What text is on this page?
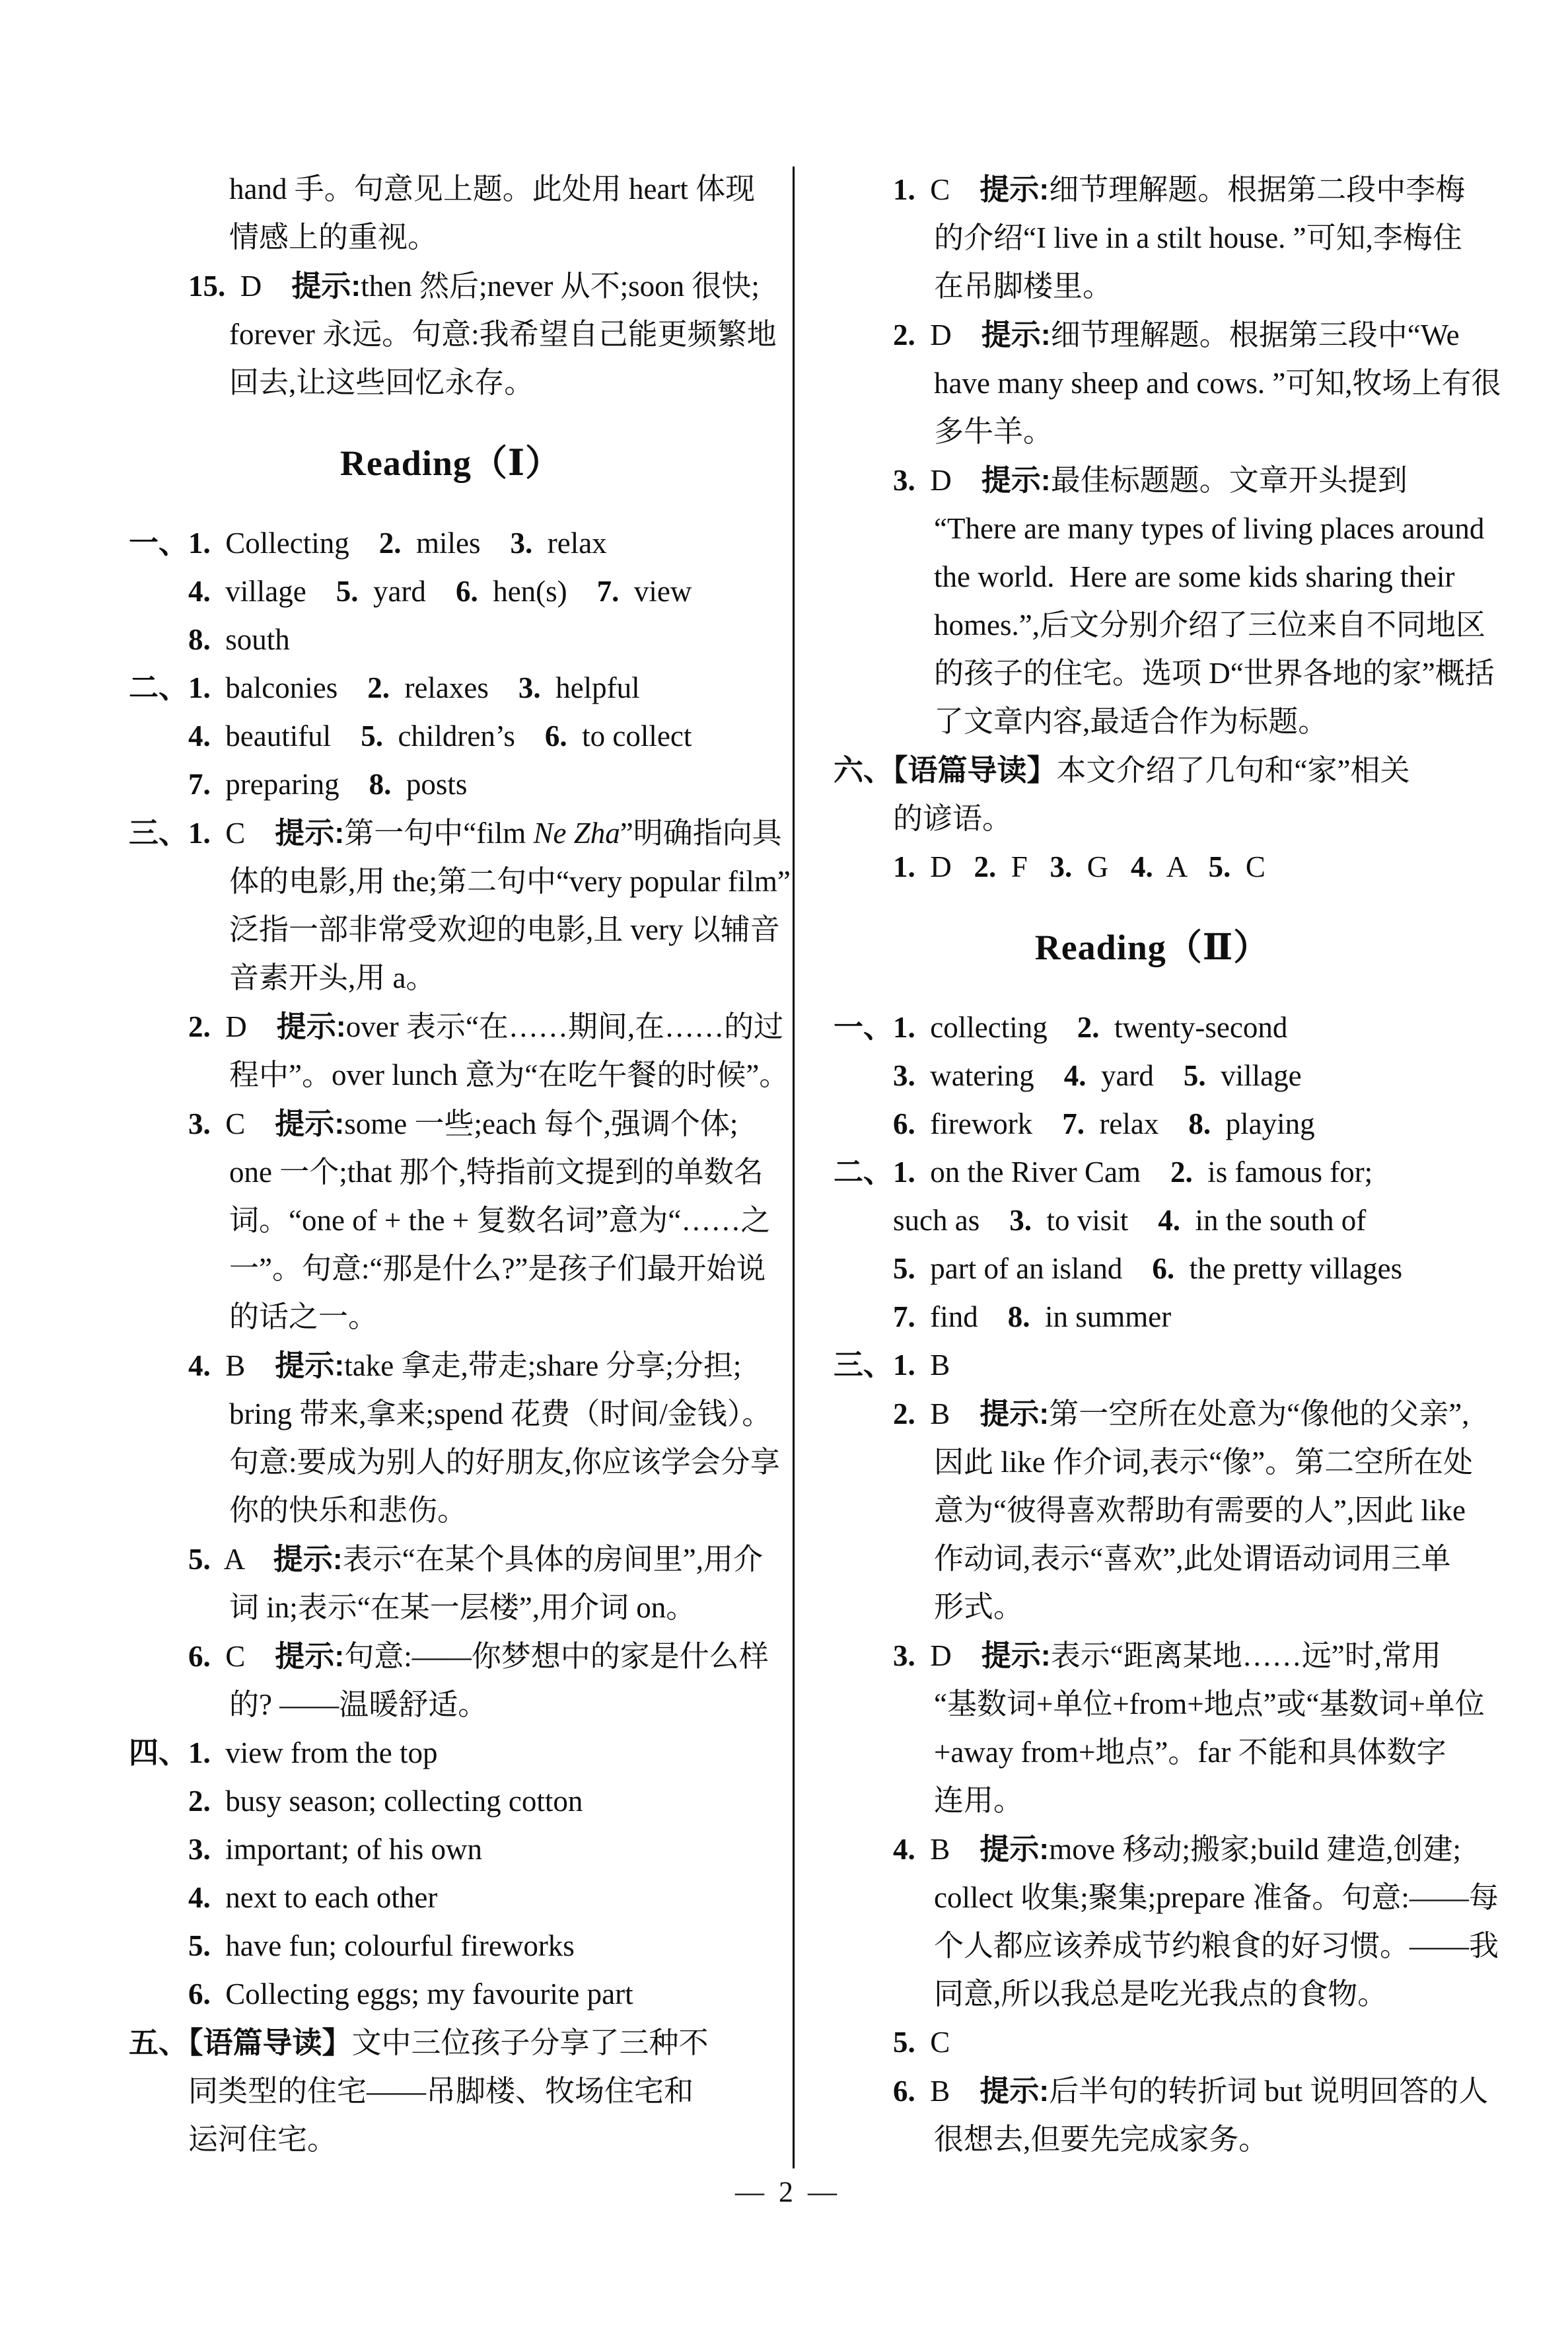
hand 手。句意见上题。此处用 heart 体现
情感上的重视。
15.  D    提示:then 然后;never 从不;soon 很快;
forever 永远。句意:我希望自己能更频繁地
回去,让这些回忆永存。
Reading（Ⅰ）
一、1.  Collecting    2.  miles    3.  relax
4.  village    5.  yard    6.  hen(s)    7.  view
8.  south
二、1.  balconies    2.  relaxes    3.  helpful
4.  beautiful    5.  children’s    6.  to collect
7.  preparing    8.  posts
三、1.  C    提示:第一句中“film Ne Zha”明确指向具
体的电影,用 the;第二句中“very popular film”
泛指一部非常受欢迎的电影,且 very 以辅音
音素开头,用 a。
2.  D    提示:over 表示“在……期间,在……的过
程中”。over lunch 意为“在吃午餐的时候”。
3.  C    提示:some 一些;each 每个,强调个体;
one 一个;that 那个,特指前文提到的单数名
词。“one of + the + 复数名词”意为“……之
一”。句意:“那是什么?”是孩子们最开始说
的话之一。
4.  B    提示:take 拿走,带走;share 分享;分担;
bring 带来,拿来;spend 花费（时间/金钱）。
句意:要成为别人的好朋友,你应该学会分享
你的快乐和悲伤。
5.  A    提示:表示“在某个具体的房间里”,用介
词 in;表示“在某一层楼”,用介词 on。
6.  C    提示:句意:——你梦想中的家是什么样
的? ——温暖舒适。
四、1.  view from the top
2.  busy season; collecting cotton
3.  important; of his own
4.  next to each other
5.  have fun; colourful fireworks
6.  Collecting eggs; my favourite part
五、【语篇导读】文中三位孩子分享了三种不
同类型的住宅——吊脚楼、牧场住宅和
运河住宅。
1.  C    提示:细节理解题。根据第二段中李梅
的介绍“I live in a stilt house. ”可知,李梅住
在吊脚楼里。
2.  D    提示:细节理解题。根据第三段中“We
have many sheep and cows. ”可知,牧场上有很
多牛羊。
3.  D    提示:最佳标题题。文章开头提到
“There are many types of living places around
the world.  Here are some kids sharing their
homes.”,后文分别介绍了三位来自不同地区
的孩子的住宅。选项 D“世界各地的家”概括
了文章内容,最适合作为标题。
六、【语篇导读】本文介绍了几句和“家”相关
的谚语。
1.  D   2.  F   3.  G   4.  A   5.  C
Reading（Ⅱ）
一、1.  collecting    2.  twenty-second
3.  watering    4.  yard    5.  village
6.  firework    7.  relax    8.  playing
二、1.  on the River Cam    2.  is famous for;
such as    3.  to visit    4.  in the south of
5.  part of an island    6.  the pretty villages
7.  find    8.  in summer
三、1.  B
2.  B    提示:第一空所在处意为“像他的父亲”,
因此 like 作介词,表示“像”。第二空所在处
意为“彼得喜欢帮助有需要的人”,因此 like
作动词,表示“喜欢”,此处谓语动词用三单
形式。
3.  D    提示:表示“距离某地……远”时,常用
“基数词+单位+from+地点”或“基数词+单位
+away from+地点”。far 不能和具体数字
连用。
4.  B    提示:move 移动;搬家;build 建造,创建;
collect 收集;聚集;prepare 准备。句意:——每
个人都应该养成节约粮食的好习惯。——我
同意,所以我总是吃光我点的食物。
5.  C
6.  B    提示:后半句的转折词 but 说明回答的人
很想去,但要先完成家务。
—  2  —
